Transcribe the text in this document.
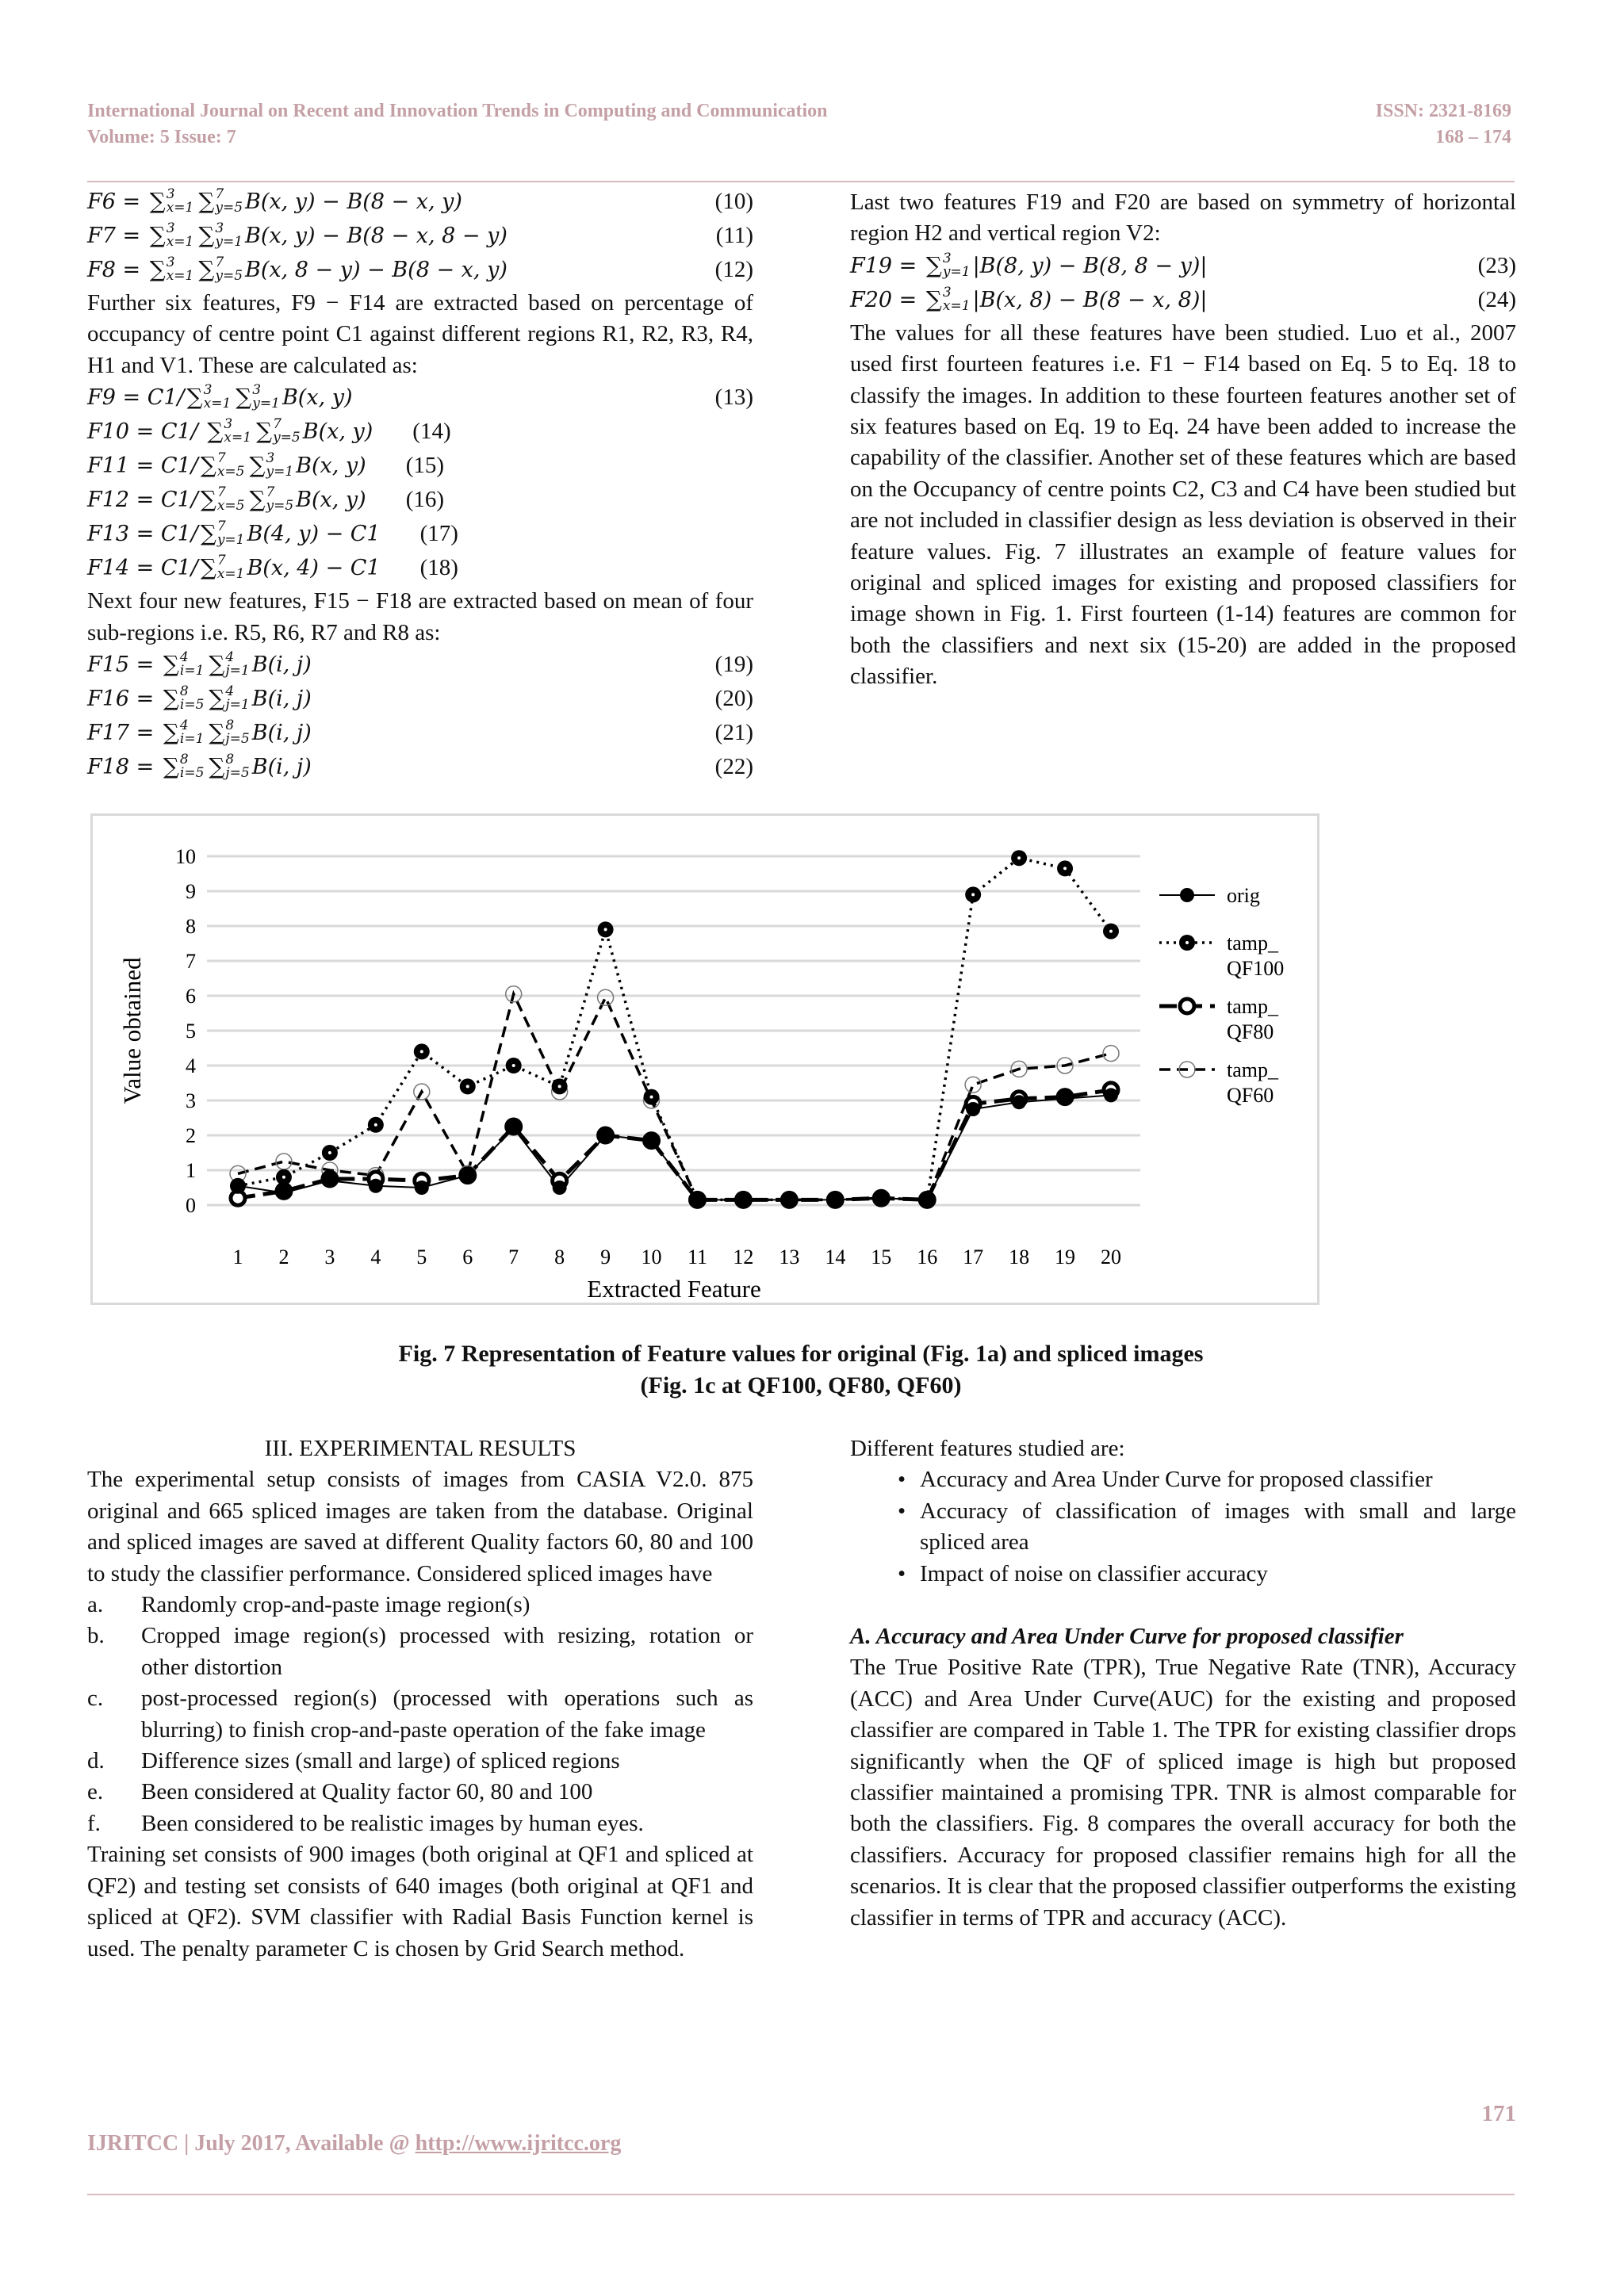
International Journal on Recent and Innovation Trends in Computing and Communication
Volume: 5 Issue: 7
ISSN: 2321-8169
168 – 174
F6 = ∑ 3
x=1 ∑ 7
y=5 B(x, y) − B(8 − x, y)	(10)
F7 = ∑ 3
x=1 ∑ 3
y=1 B(x, y) − B(8 − x, 8 − y)	(11)
F8 = ∑ 3
x=1 ∑ 7
y=5 B(x, 8 − y) − B(8 − x, y)	(12)

Further six features, F9 − F14 are extracted based on percentage of occupancy of centre point C1 against different regions R1, R2, R3, R4, H1 and V1. These are calculated as:

F9 = C1/ ∑ 3
x=1 ∑ 3
y=1 B(x, y)	(13)
F10 = C1/ ∑ 3
x=1 ∑ 7
y=5 B(x, y) (14)
F11 = C1/ ∑ 7
x=5 ∑ 3
y=1 B(x, y) (15)
F12 = C1/ ∑ 7
x=5 ∑ 7
y=5 B(x, y) (16)
F13 = C1/ ∑ 7
y=1 B(4, y) − C1 (17)
F14 = C1/ ∑ 7
x=1 B(x, 4) − C1 (18)

Next four new features, F15 − F18 are extracted based on mean of four sub-regions i.e. R5, R6, R7 and R8 as:

F15 = ∑ 4
i=1 ∑ 4
j=1 B(i, j)	(19)
F16 = ∑ 8
i=5 ∑ 4
j=1 B(i, j)	(20)
F17 = ∑ 4
i=1 ∑ 8
j=5 B(i, j)	(21)
F18 = ∑ 8
i=5 ∑ 8
j=5 B(i, j)	(22)

Last two features F19 and F20 are based on symmetry of horizontal region H2 and vertical region V2:

F19 = ∑ 3
y=1 |B(8, y) − B(8, 8 − y)|	(23)
F20 = ∑ 3
x=1 |B(x, 8) − B(8 − x, 8)|	(24)

The values for all these features have been studied. Luo et al., 2007 used first fourteen features i.e. F1 − F14 based on Eq. 5 to Eq. 18 to classify the images. In addition to these fourteen features another set of six features based on Eq. 19 to Eq. 24 have been added to increase the capability of the classifier. Another set of these features which are based on the Occupancy of centre points C2, C3 and C4 have been studied but are not included in classifier design as less deviation is observed in their feature values. Fig. 7 illustrates an example of feature values for original and spliced images for existing and proposed classifiers for image shown in Fig. 1. First fourteen (1-14) features are common for both the classifiers and next six (15-20) are added in the proposed classifier.

0
1
2
3
4
5
6
7
8
9
10
1 2 3 4 5 6 7 8 9 10 11 12 13 14 15 16 17 18 19 20
Value obtained
Extracted Feature
orig
tamp_
QF100
tamp_
QF80
tamp_
QF60
Fig. 7 Representation of Feature values for original (Fig. 1a) and spliced images
(Fig. 1c at QF100, QF80, QF60)
III. EXPERIMENTAL RESULTS

The experimental setup consists of images from CASIA V2.0. 875 original and 665 spliced images are taken from the database. Original and spliced images are saved at different Quality factors 60, 80 and 100 to study the classifier performance. Considered spliced images have

a.	Randomly crop-and-paste image region(s)
b.	Cropped image region(s) processed with resizing, rotation or other distortion
c.	post-processed region(s) (processed with operations such as blurring) to finish crop-and-paste operation of the fake image
d.	Difference sizes (small and large) of spliced regions
e.	Been considered at Quality factor 60, 80 and 100
f.	Been considered to be realistic images by human eyes.

Training set consists of 900 images (both original at QF1 and spliced at QF2) and testing set consists of 640 images (both original at QF1 and spliced at QF2). SVM classifier with Radial Basis Function kernel is used. The penalty parameter C is chosen by Grid Search method.

Different features studied are:

• Accuracy and Area Under Curve for proposed classifier
• Accuracy of classification of images with small and large spliced area
• Impact of noise on classifier accuracy

A. Accuracy and Area Under Curve for proposed classifier

The True Positive Rate (TPR), True Negative Rate (TNR), Accuracy (ACC) and Area Under Curve(AUC) for the existing and proposed classifier are compared in Table 1. The TPR for existing classifier drops significantly when the QF of spliced image is high but proposed classifier maintained a promising TPR. TNR is almost comparable for both the classifiers. Fig. 8 compares the overall accuracy for both the classifiers. Accuracy for proposed classifier remains high for all the scenarios. It is clear that the proposed classifier outperforms the existing classifier in terms of TPR and accuracy (ACC).

171
IJRITCC | July 2017, Available @ http://www.ijritcc.org
